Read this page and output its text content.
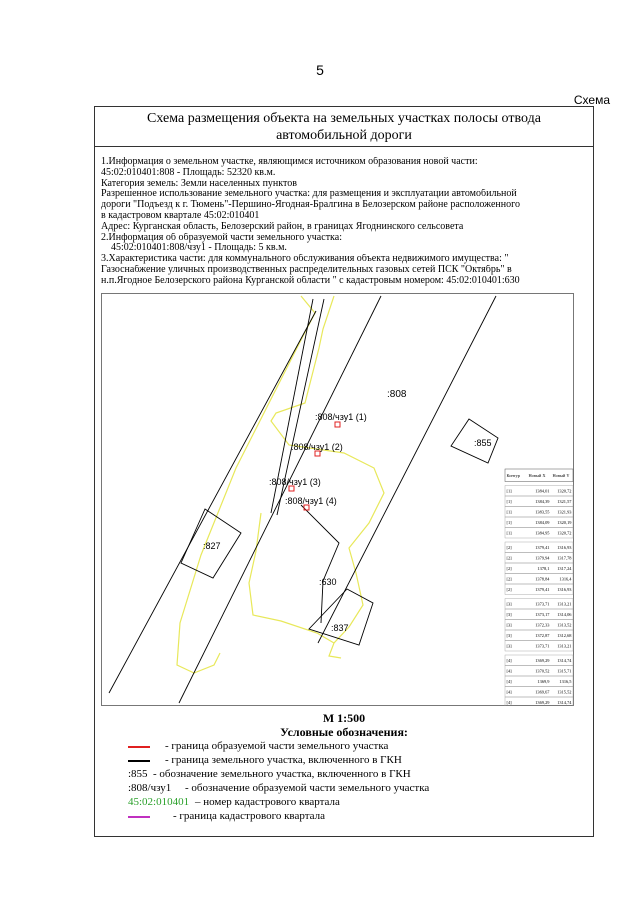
5
Схема
Схема размещения объекта на земельных участках полосы отвода
автомобильной дороги
1.Информация о земельном участке, являющимся источником образования новой части:
45:02:010401:808 - Площадь: 52320 кв.м.
Категория земель: Земли населенных пунктов
Разрешенное использование земельного участка: для размещения и эксплуатации автомобильной
дороги "Подъезд к г. Тюмень"-Першино-Ягодная-Бралгина в Белозерском районе расположенного
в кадастровом квартале 45:02:010401
Адрес: Курганская область, Белозерский район, в границах Ягоднинского сельсовета
2.Информация об образуемой части земельного участка:
45:02:010401:808/чзу1 - Площадь: 5 кв.м.
3.Характеристика части: для коммунального обслуживания объекта недвижимого имущества: "
Газоснабжение уличных производственных распределительных газовых сетей ПСК "Октябрь" в
н.п.Ягодное Белозерского района Курганской области " с кадастровым номером: 45:02:010401:630
:808
:808/чзу1 (1)
:808/чзу1 (2)
:808/чзу1 (3)
:808/чзу1 (4)
:855
:827
:630
:837
Контур Новый X Новый Y
[1]	1384,01 1320,72
[1]	1384,39 1321,57
[1]	1383,55 1321,93
[1]	1384,09 1320,19
[1]	1384,95 1320,72
[2]	1379,41 1316,93
[2]	1379,94 1317,78
[2]	1378,1 1317,24
[2]	1378,84 1316,4
[2]	1379,41 1316,93
[3]	1373,71 1313,21
[3]	1373,17 1314,06
[3]	1372,33 1313,52
[3]	1372,87 1312,68
[3]	1373,71 1313,21
[4]	1369,29 1314,74
[4]	1370,52 1315,71
[4]	1369,9 1316,5
[4]	1369,67 1315,52
[4]	1369,29 1314,74
М 1:500
Условные обозначения:
- граница образуемой части земельного участка
- граница земельного участка, включенного в ГКН
:855 - обозначение земельного участка, включенного в ГКН
:808/чзу1 - обозначение образуемой части земельного участка
45:02:010401 – номер кадастрового квартала
- граница кадастрового квартала
